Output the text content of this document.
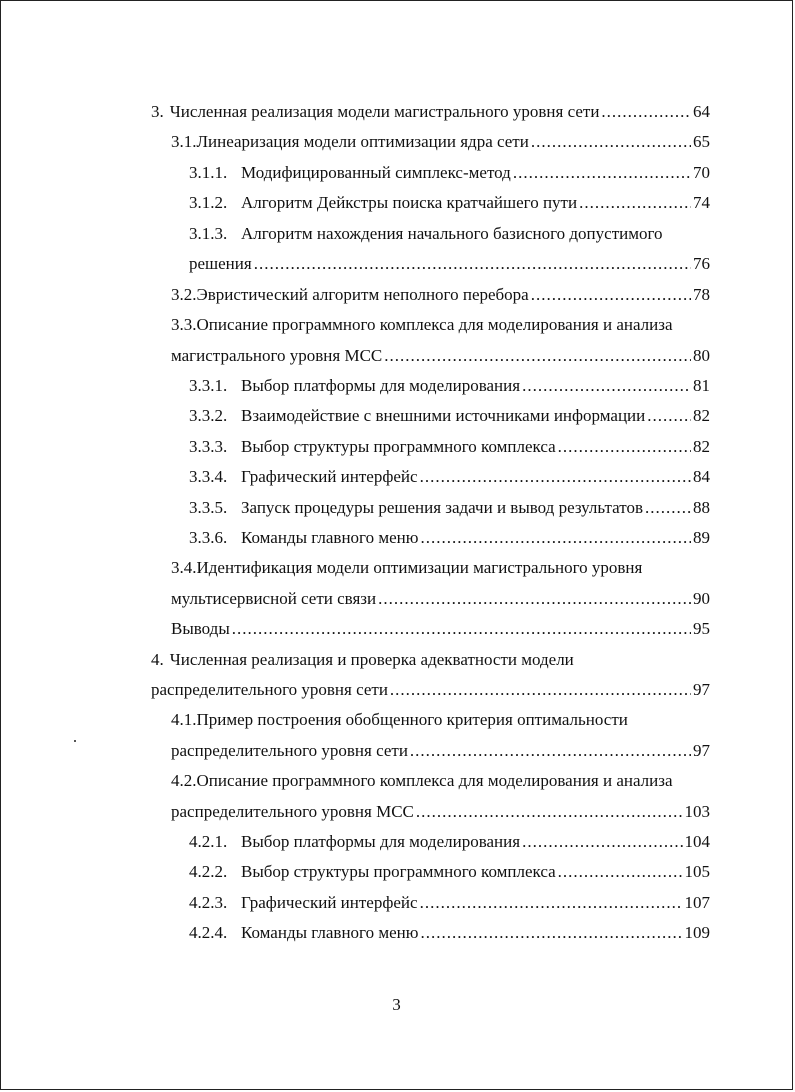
3. Численная реализация модели магистрального уровня сети .....	64
3.1. Линеаризация модели оптимизации ядра сети .....	65
3.1.1. Модифицированный симплекс-метод .....	70
3.1.2. Алгоритм Дейкстры поиска кратчайшего пути .....	74
3.1.3. Алгоритм нахождения начального базисного допустимого
решения .....	76
3.2. Эвристический алгоритм неполного перебора .....	78
3.3. Описание программного комплекса для моделирования и анализа
магистрального уровня МСС .....	80
3.3.1. Выбор платформы для моделирования .....	81
3.3.2. Взаимодействие с внешними источниками информации .....	82
3.3.3. Выбор структуры программного комплекса .....	82
3.3.4. Графический интерфейс .....	84
3.3.5. Запуск процедуры решения задачи и вывод результатов .....	88
3.3.6. Команды главного меню .....	89
3.4. Идентификация модели оптимизации магистрального уровня
мультисервисной сети связи .....	90
Выводы .....	95
4. Численная реализация и проверка адекватности модели
распределительного уровня сети .....	97
4.1. Пример построения обобщенного критерия оптимальности
распределительного уровня сети .....	97
4.2. Описание программного комплекса для моделирования и анализа
распределительного уровня МСС .....	103
4.2.1. Выбор платформы для моделирования .....	104
4.2.2. Выбор структуры программного комплекса .....	105
4.2.3. Графический интерфейс .....	107
4.2.4. Команды главного меню .....	109
3
